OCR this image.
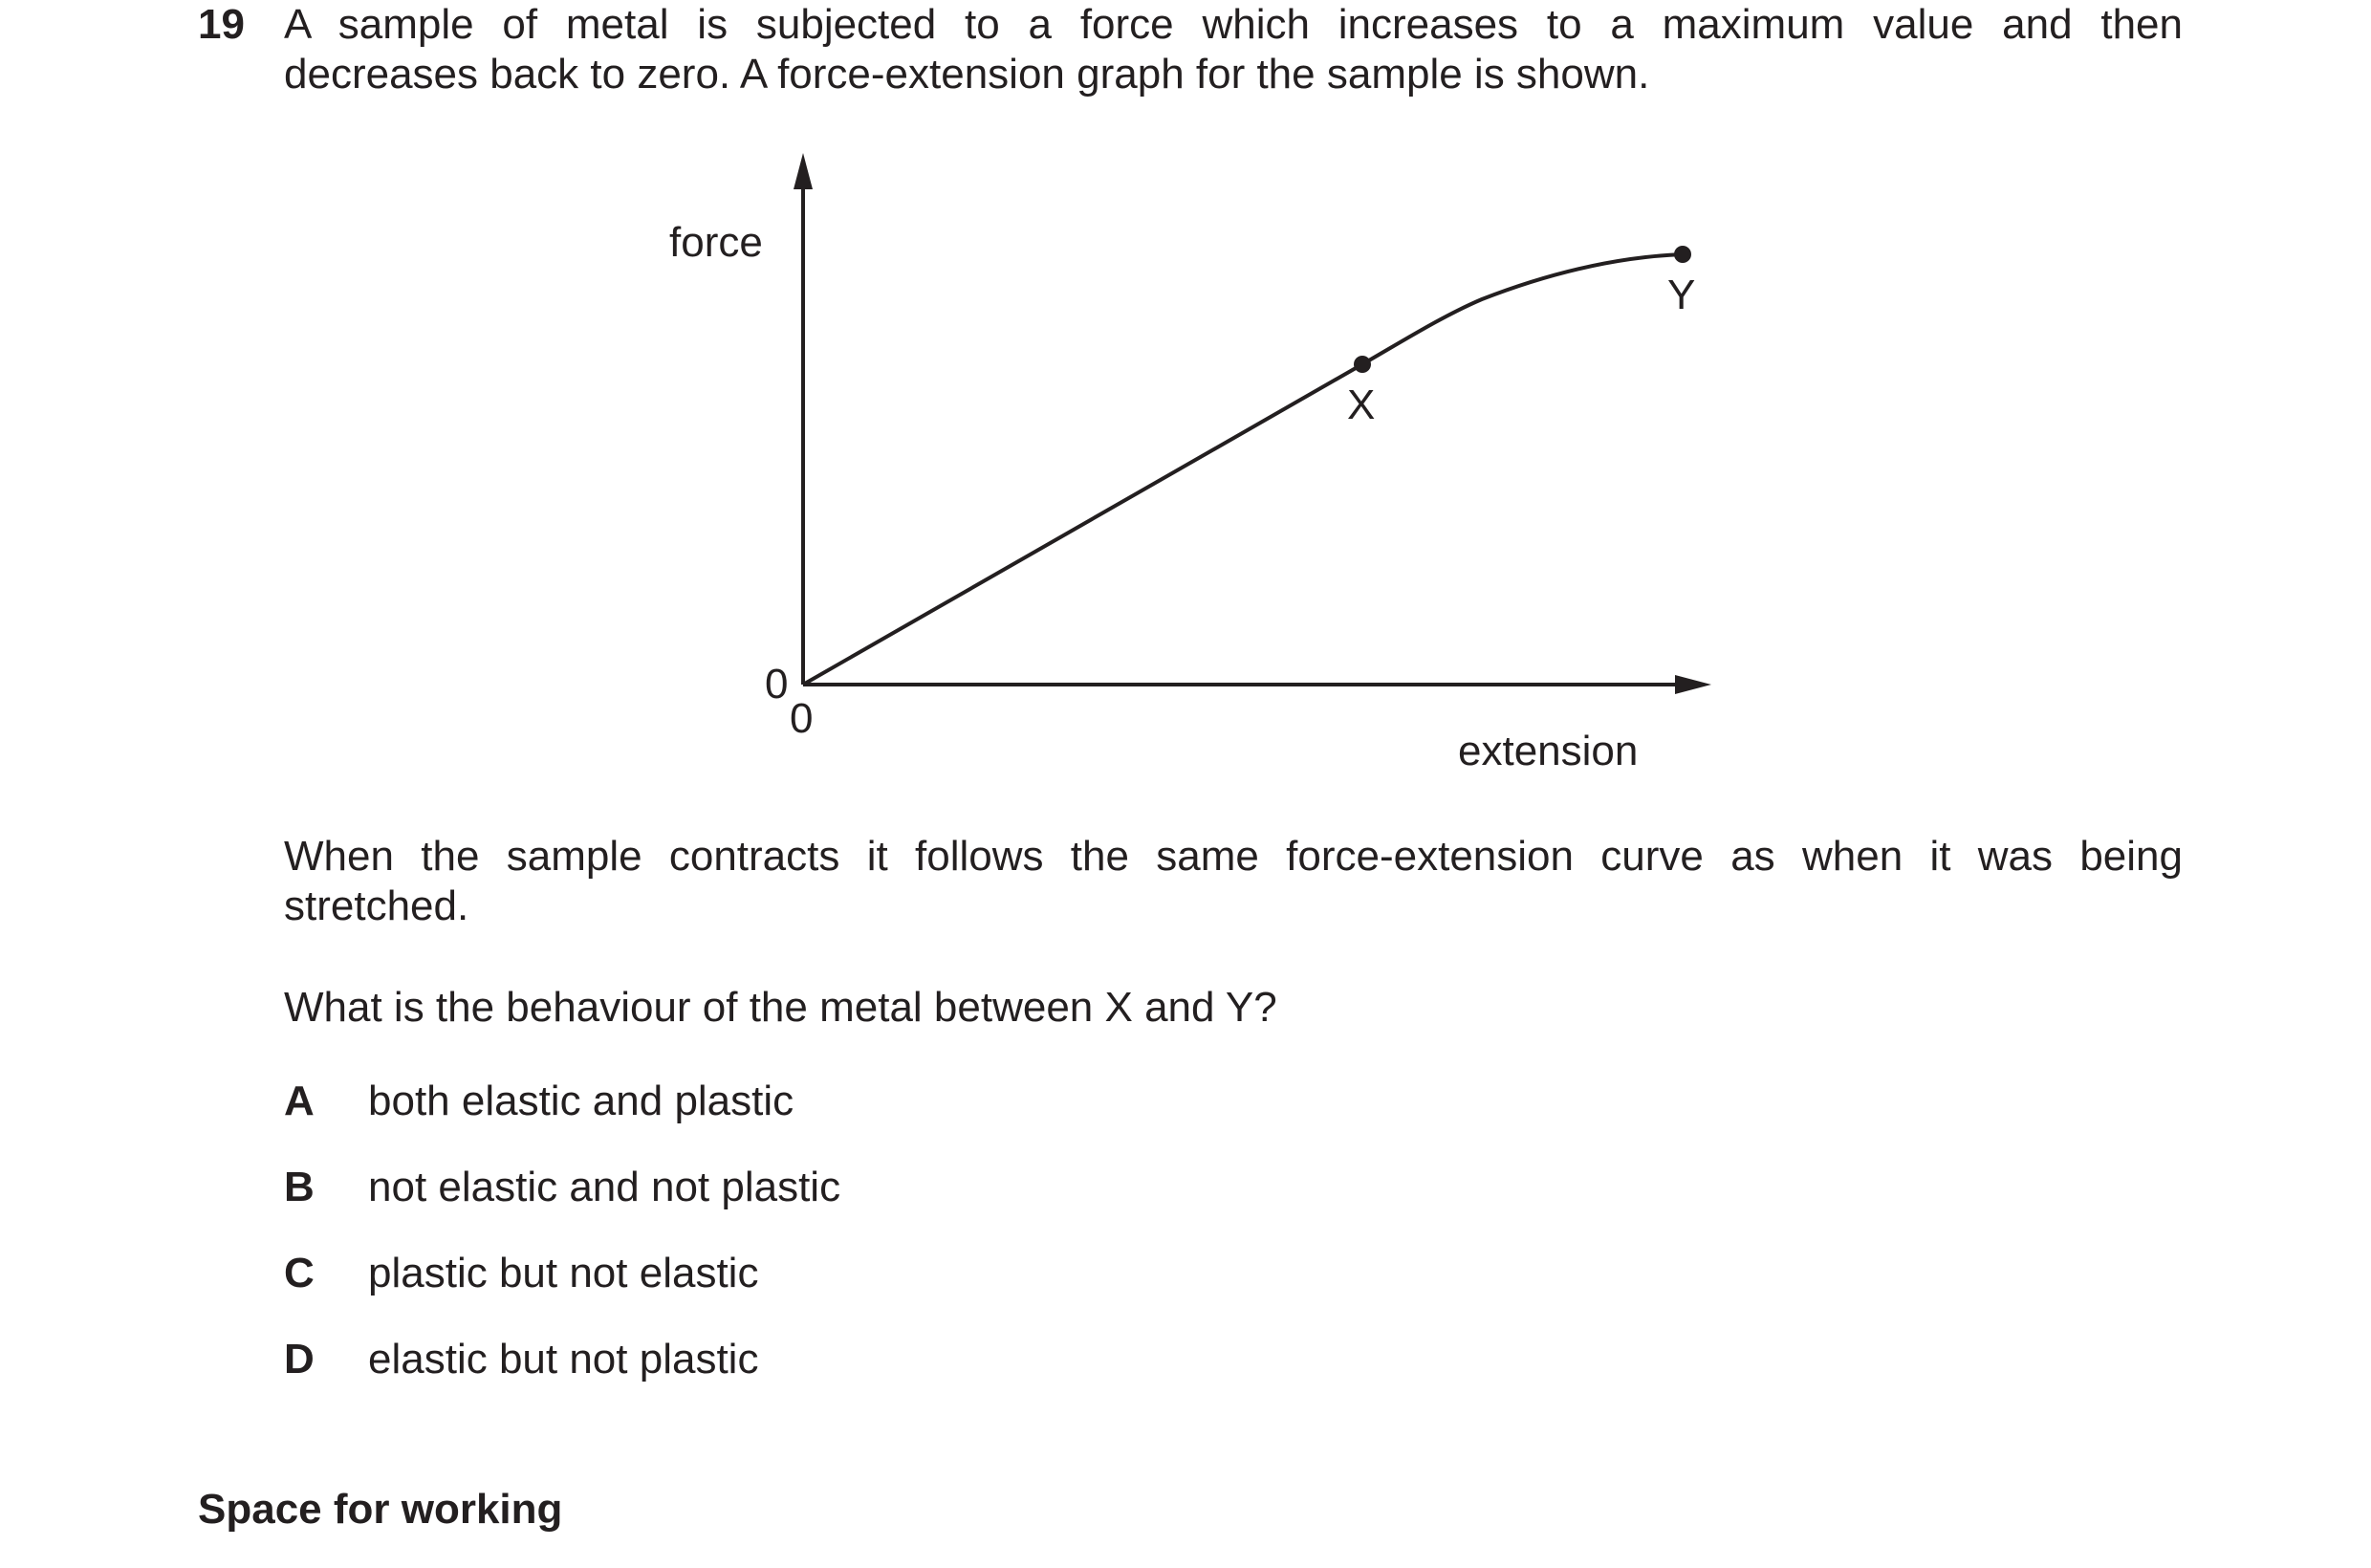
19 A sample of metal is subjected to a force which increases to a maximum value and then
decreases back to zero. A force-extension graph for the sample is shown.
force
extension
0
0
X
Y
When the sample contracts it follows the same force-extension curve as when it was being
stretched.
What is the behaviour of the metal between X and Y?
A both elastic and plastic
B not elastic and not plastic
C plastic but not elastic
D elastic but not plastic
Space for working
